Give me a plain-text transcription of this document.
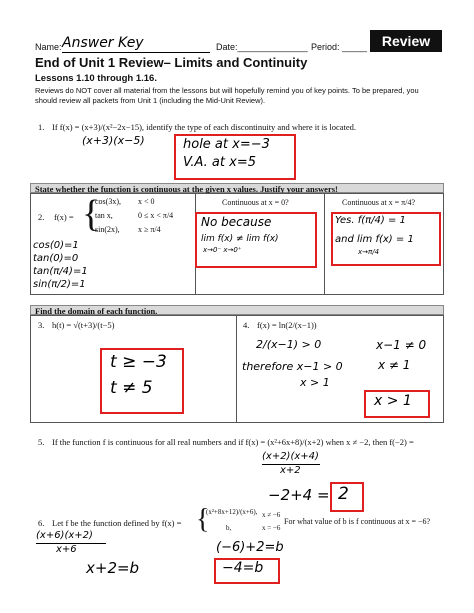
Name: Answer Key	Date:______________ Period: _____	Review
End of Unit 1 Review– Limits and Continuity
Lessons 1.10 through 1.16.
Reviews do NOT cover all material from the lessons but will hopefully remind you of key points. To be prepared, you should review all packets from Unit 1 (including the Mid-Unit Review).
1. If f(x) = (x+3)/(x²−2x−15), identify the type of each discontinuity and where it is located.
(x+3)(x−5)	hole at x=−3
V.A. at x=5
State whether the function is continuous at the given x values. Justify your answers!
2. f(x) = {
cos(3x), x < 0
tan x,	0 ≤ x < π/4
sin(2x), x ≥ π/4
cos(0)=1
tan(0)=0
tan(π/4)=1
sin(π/2)=1
Continuous at x = 0?
No because
lim f(x) ≠ lim f(x)
x→0⁻ x→0⁺
Continuous at x = π/4?
Yes. f(π/4) = 1
and lim f(x) = 1
x→π/4
Find the domain of each function.
3. h(t) = √(t+3)/(t−5)
t ≥ −3
t ≠ 5
4. f(x) = ln(2/(x−1))
2/(x−1) > 0
therefore x−1 > 0
x > 1
x−1 ≠ 0
x ≠ 1
x > 1
5. If the function f is continuous for all real numbers and if f(x) = (x²+6x+8)/(x+2) when x ≠ −2, then f(−2) =
(x+2)(x+4)
x+2
−2+4 = 2
6. Let f be the function defined by f(x) = {
(x²+8x+12)/(x+6), x ≠ −6
b,	x = −6
For what value of b is f continuous at x = −6?
(x+6)(x+2)
x+6
x+2=b
(−6)+2=b
−4=b
